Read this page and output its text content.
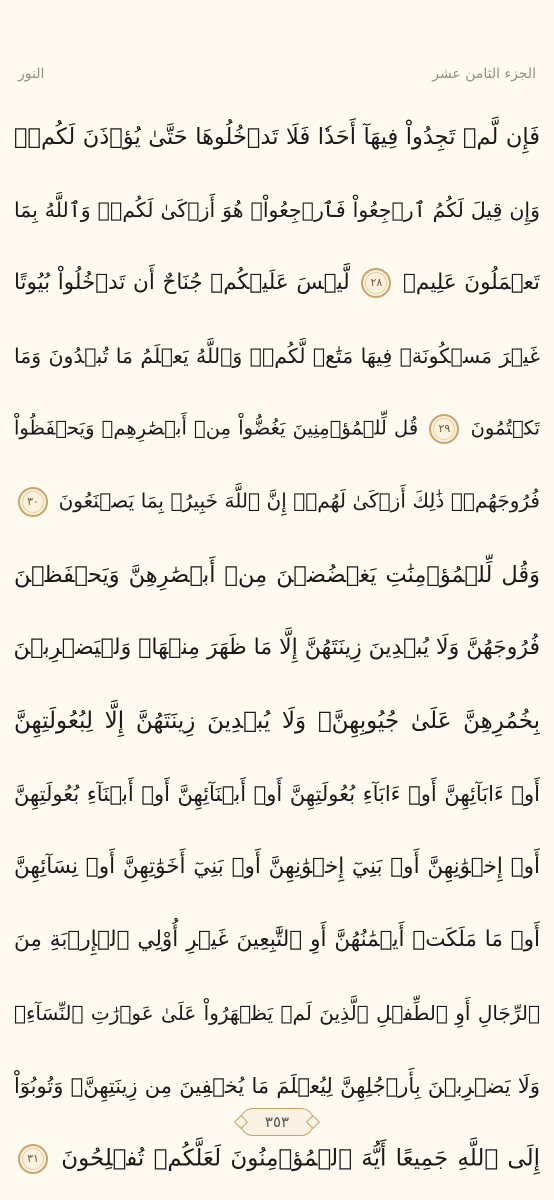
النور	الجزء الثامن عشر
فَإِن لَّمۡ تَجِدُواْ فِيهَآ أَحَدٗا فَلَا تَدۡخُلُوهَا حَتَّىٰ يُؤۡذَنَ لَكُمۡۖ
وَإِن قِيلَ لَكُمُ ٱرۡجِعُواْ فَٱرۡجِعُواْۖ هُوَ أَزۡكَىٰ لَكُمۡۚ وَٱللَّهُ بِمَا
تَعۡمَلُونَ عَلِيمٞ
٢٨
لَّيۡسَ عَلَيۡكُمۡ جُنَاحٌ أَن تَدۡخُلُواْ بُيُوتًا
غَيۡرَ مَسۡكُونَةٖ فِيهَا مَتَٰعٞ لَّكُمۡۚ وَٱللَّهُ يَعۡلَمُ مَا تُبۡدُونَ وَمَا
تَكۡتُمُونَ
٢٩
قُل لِّلۡمُؤۡمِنِينَ يَغُضُّواْ مِنۡ أَبۡصَٰرِهِمۡ وَيَحۡفَظُواْ
فُرُوجَهُمۡۚ ذَٰلِكَ أَزۡكَىٰ لَهُمۡۚ إِنَّ ٱللَّهَ خَبِيرُۢ بِمَا يَصۡنَعُونَ
٣٠
وَقُل لِّلۡمُؤۡمِنَٰتِ يَغۡضُضۡنَ مِنۡ أَبۡصَٰرِهِنَّ وَيَحۡفَظۡنَ
فُرُوجَهُنَّ وَلَا يُبۡدِينَ زِينَتَهُنَّ إِلَّا مَا ظَهَرَ مِنۡهَاۖ وَلۡيَضۡرِبۡنَ
بِخُمُرِهِنَّ عَلَىٰ جُيُوبِهِنَّۖ وَلَا يُبۡدِينَ زِينَتَهُنَّ إِلَّا لِبُعُولَتِهِنَّ
أَوۡ ءَابَآئِهِنَّ أَوۡ ءَابَآءِ بُعُولَتِهِنَّ أَوۡ أَبۡنَآئِهِنَّ أَوۡ أَبۡنَآءِ بُعُولَتِهِنَّ
أَوۡ إِخۡوَٰنِهِنَّ أَوۡ بَنِيٓ إِخۡوَٰنِهِنَّ أَوۡ بَنِيٓ أَخَوَٰتِهِنَّ أَوۡ نِسَآئِهِنَّ
أَوۡ مَا مَلَكَتۡ أَيۡمَٰنُهُنَّ أَوِ ٱلتَّٰبِعِينَ غَيۡرِ أُوْلِي ٱلۡإِرۡبَةِ مِنَ
ٱلرِّجَالِ أَوِ ٱلطِّفۡلِ ٱلَّذِينَ لَمۡ يَظۡهَرُواْ عَلَىٰ عَوۡرَٰتِ ٱلنِّسَآءِۖ
وَلَا يَضۡرِبۡنَ بِأَرۡجُلِهِنَّ لِيُعۡلَمَ مَا يُخۡفِينَ مِن زِينَتِهِنَّۚ وَتُوبُوٓاْ
إِلَى ٱللَّهِ جَمِيعًا أَيُّهَ ٱلۡمُؤۡمِنُونَ لَعَلَّكُمۡ تُفۡلِحُونَ
٣١
٣٥٣
